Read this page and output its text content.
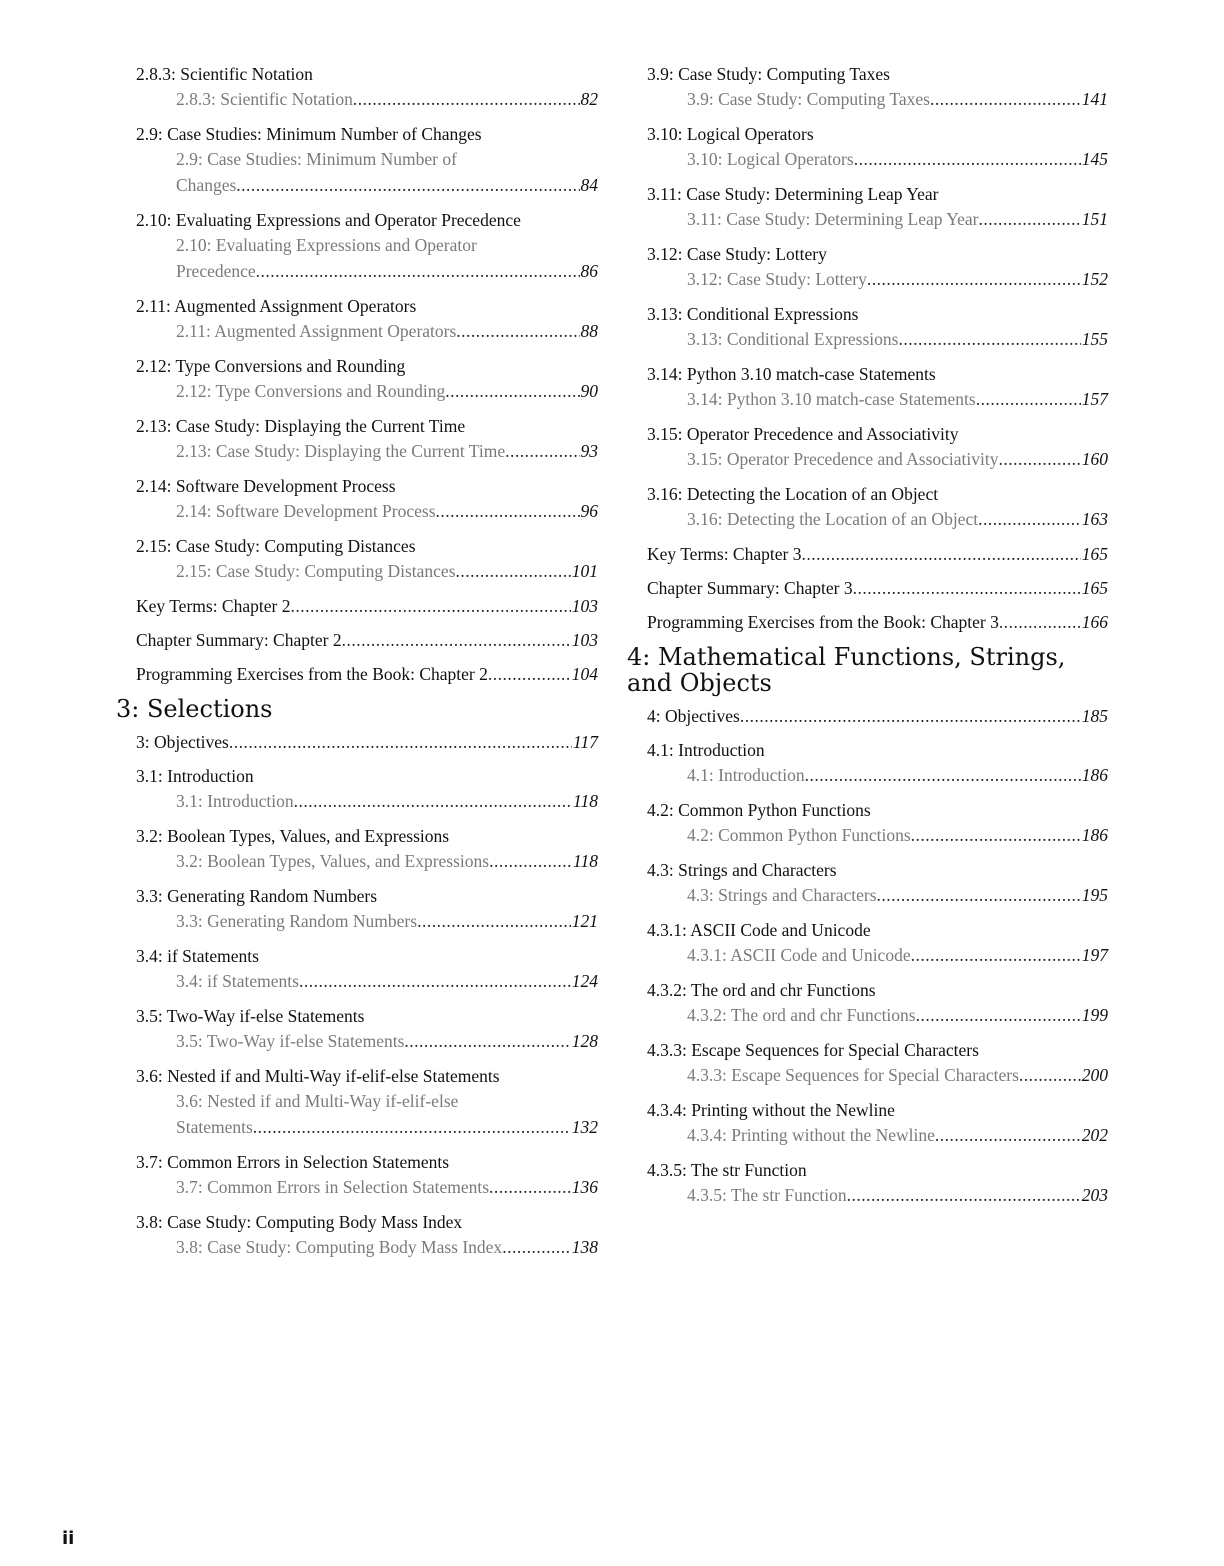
2.8.3: Scientific Notation
2.8.3: Scientific Notation .....	82
2.9: Case Studies: Minimum Number of Changes
2.9: Case Studies: Minimum Number of
Changes .....	84
2.10: Evaluating Expressions and Operator Precedence
2.10: Evaluating Expressions and Operator
Precedence .....	86
2.11: Augmented Assignment Operators
2.11: Augmented Assignment Operators .....	88
2.12: Type Conversions and Rounding
2.12: Type Conversions and Rounding .....	90
2.13: Case Study: Displaying the Current Time
2.13: Case Study: Displaying the Current Time .....	93
2.14: Software Development Process
2.14: Software Development Process .....	96
2.15: Case Study: Computing Distances
2.15: Case Study: Computing Distances .....	101
Key Terms: Chapter 2 .....	103
Chapter Summary: Chapter 2 .....	103
Programming Exercises from the Book: Chapter 2 .....	104
3: Selections
3: Objectives .....	117
3.1: Introduction
3.1: Introduction .....	118
3.2: Boolean Types, Values, and Expressions
3.2: Boolean Types, Values, and Expressions .....	118
3.3: Generating Random Numbers
3.3: Generating Random Numbers .....	121
3.4: if Statements
3.4: if Statements .....	124
3.5: Two-Way if-else Statements
3.5: Two-Way if-else Statements .....	128
3.6: Nested if and Multi-Way if-elif-else Statements
3.6: Nested if and Multi-Way if-elif-else
Statements .....	132
3.7: Common Errors in Selection Statements
3.7: Common Errors in Selection Statements .....	136
3.8: Case Study: Computing Body Mass Index
3.8: Case Study: Computing Body Mass Index .....	138
3.9: Case Study: Computing Taxes
3.9: Case Study: Computing Taxes .....	141
3.10: Logical Operators
3.10: Logical Operators .....	145
3.11: Case Study: Determining Leap Year
3.11: Case Study: Determining Leap Year .....	151
3.12: Case Study: Lottery
3.12: Case Study: Lottery .....	152
3.13: Conditional Expressions
3.13: Conditional Expressions .....	155
3.14: Python 3.10 match-case Statements
3.14: Python 3.10 match-case Statements .....	157
3.15: Operator Precedence and Associativity
3.15: Operator Precedence and Associativity .....	160
3.16: Detecting the Location of an Object
3.16: Detecting the Location of an Object .....	163
Key Terms: Chapter 3 .....	165
Chapter Summary: Chapter 3 .....	165
Programming Exercises from the Book: Chapter 3 .....	166
4: Mathematical Functions, Strings, and Objects
4: Objectives .....	185
4.1: Introduction
4.1: Introduction .....	186
4.2: Common Python Functions
4.2: Common Python Functions .....	186
4.3: Strings and Characters
4.3: Strings and Characters .....	195
4.3.1: ASCII Code and Unicode
4.3.1: ASCII Code and Unicode .....	197
4.3.2: The ord and chr Functions
4.3.2: The ord and chr Functions .....	199
4.3.3: Escape Sequences for Special Characters
4.3.3: Escape Sequences for Special Characters .....	200
4.3.4: Printing without the Newline
4.3.4: Printing without the Newline .....	202
4.3.5: The str Function
4.3.5: The str Function .....	203
ii
